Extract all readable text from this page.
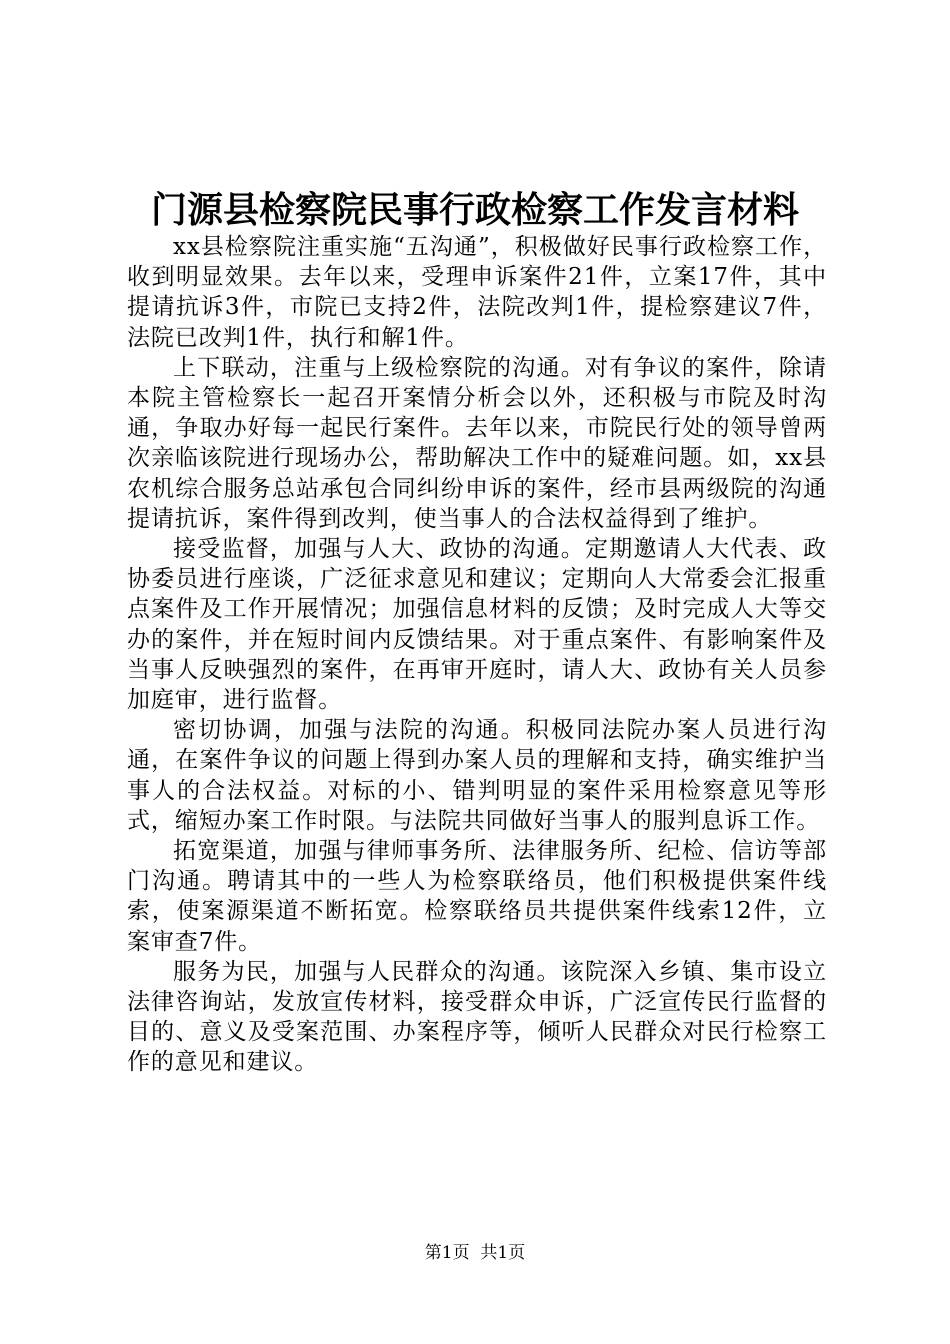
门源县检察院民事行政检察工作发言材料

xx县检察院注重实施“五沟通”，积极做好民事行政检察工作，收到明显效果。去年以来，受理申诉案件21件，立案17件，其中提请抗诉3件，市院已支持2件，法院改判1件，提检察建议7件，法院已改判1件，执行和解1件。

上下联动，注重与上级检察院的沟通。对有争议的案件，除请本院主管检察长一起召开案情分析会以外，还积极与市院及时沟通，争取办好每一起民行案件。去年以来，市院民行处的领导曾两次亲临该院进行现场办公，帮助解决工作中的疑难问题。如，xx县农机综合服务总站承包合同纠纷申诉的案件，经市县两级院的沟通提请抗诉，案件得到改判，使当事人的合法权益得到了维护。

接受监督，加强与人大、政协的沟通。定期邀请人大代表、政协委员进行座谈，广泛征求意见和建议；定期向人大常委会汇报重点案件及工作开展情况；加强信息材料的反馈；及时完成人大等交办的案件，并在短时间内反馈结果。对于重点案件、有影响案件及当事人反映强烈的案件，在再审开庭时，请人大、政协有关人员参加庭审，进行监督。

密切协调，加强与法院的沟通。积极同法院办案人员进行沟通，在案件争议的问题上得到办案人员的理解和支持，确实维护当事人的合法权益。对标的小、错判明显的案件采用检察意见等形式，缩短办案工作时限。与法院共同做好当事人的服判息诉工作。

拓宽渠道，加强与律师事务所、法律服务所、纪检、信访等部门沟通。聘请其中的一些人为检察联络员，他们积极提供案件线索，使案源渠道不断拓宽。检察联络员共提供案件线索12件，立案审查7件。

服务为民，加强与人民群众的沟通。该院深入乡镇、集市设立法律咨询站，发放宣传材料，接受群众申诉，广泛宣传民行监督的目的、意义及受案范围、办案程序等，倾听人民群众对民行检察工作的意见和建议。

第1页  共1页
